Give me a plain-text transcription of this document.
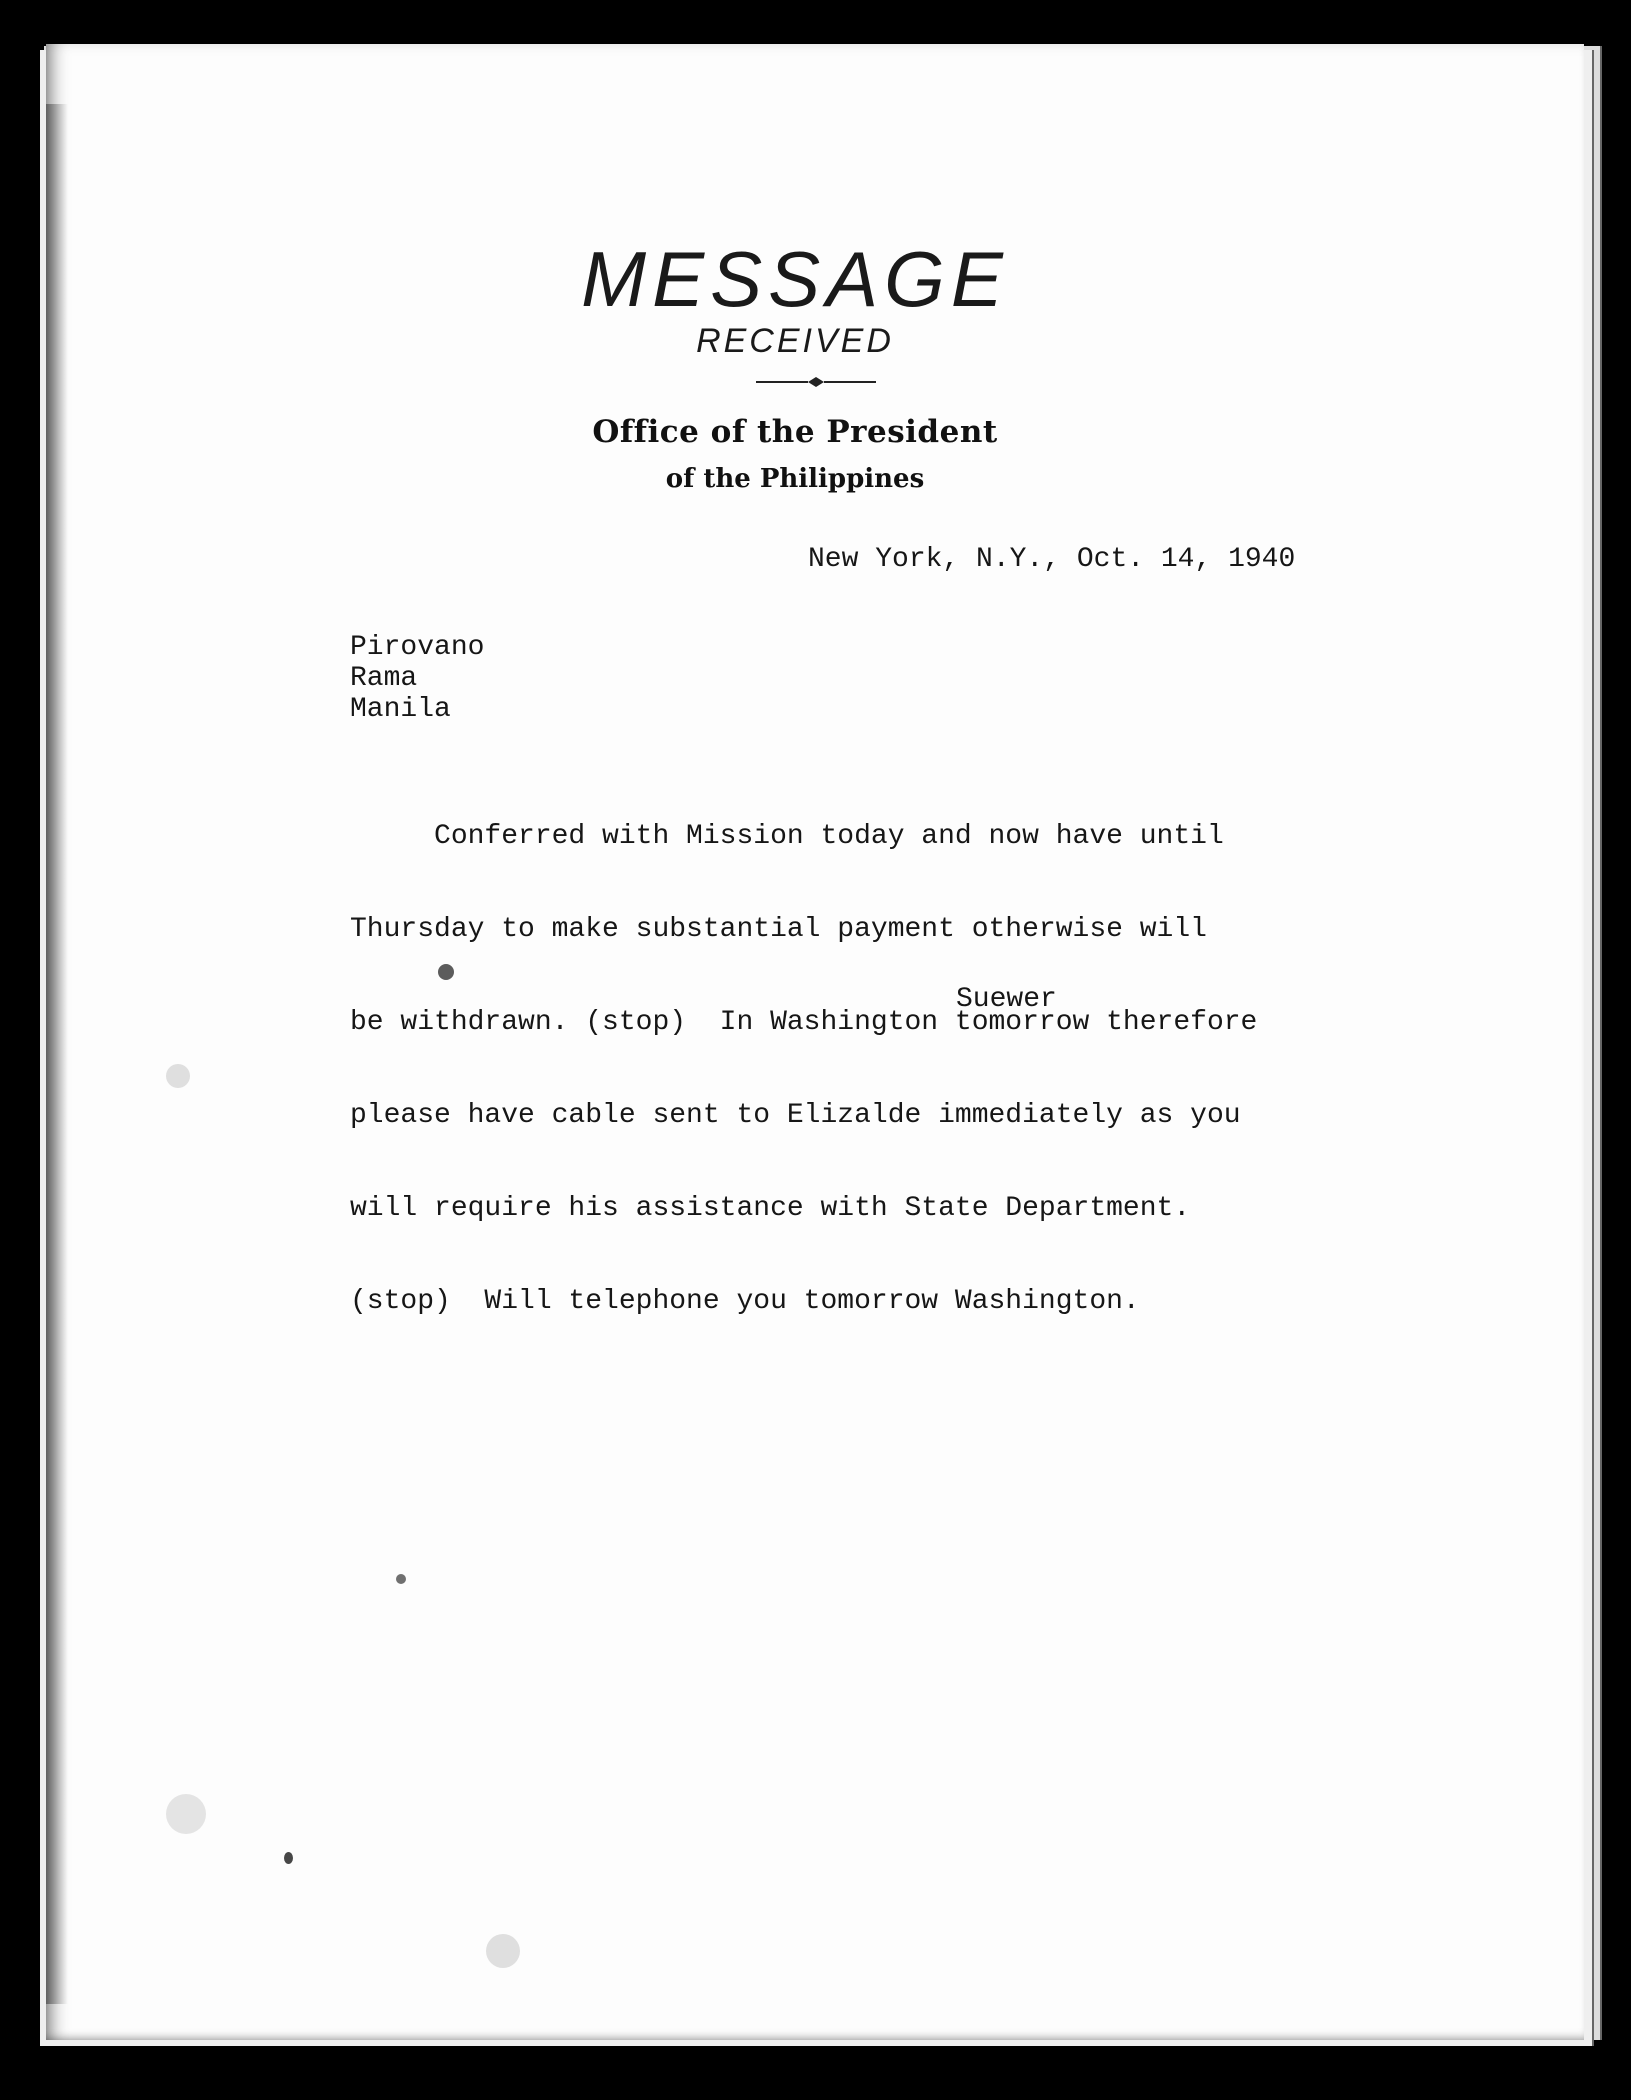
MESSAGE
RECEIVED
Office of the President
of the Philippines
New York, N.Y., Oct. 14, 1940
Pirovano
Rama
Manila

Conferred with Mission today and now have until

Thursday to make substantial payment otherwise will

be withdrawn. (stop)  In Washington tomorrow therefore

please have cable sent to Elizalde immediately as you

will require his assistance with State Department.

(stop)  Will telephone you tomorrow Washington.

Suewer
